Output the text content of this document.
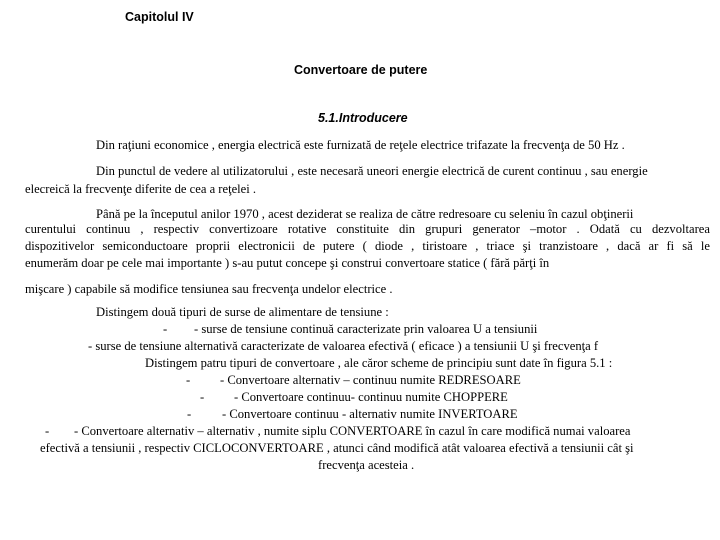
Capitolul IV
Convertoare de putere
5.1.Introducere
Din raţiuni economice , energia electrică este furnizată de reţele electrice trifazate la frecvenţa de 50 Hz .
Din punctul de vedere al utilizatorului , este necesară uneori energie electrică de curent continuu , sau energie
elecreică la frecvenţe diferite de cea a reţelei .
Până pe la începutul anilor 1970 , acest deziderat se realiza de către redresoare cu seleniu în cazul obţinerii
curentului continuu , respectiv convertizoare rotative constituite din grupuri generator –motor . Odată cu dezvoltarea
dispozitivelor semiconductoare proprii electronicii de putere ( diode , tiristoare , triace şi tranzistoare , dacă ar fi să le
enumerăm doar pe cele mai importante ) s-au putut concepe şi construi convertoare statice ( fără părţi în
mişcare ) capabile să modifice tensiunea sau frecvenţa undelor electrice .
Distingem două tipuri de surse de alimentare de tensiune :
- - surse de tensiune continuă caracterizate prin valoarea U a tensiunii
- surse de tensiune alternativă caracterizate de valoarea efectivă ( eficace ) a tensiunii U şi frecvenţa f
Distingem patru tipuri de convertoare , ale căror scheme de principiu sunt date în figura 5.1 :
- - Convertoare alternativ – continuu numite REDRESOARE
- - Convertoare continuu- continuu numite CHOPPERE
- - Convertoare continuu - alternativ numite INVERTOARE
- - Convertoare alternativ – alternativ , numite siplu CONVERTOARE în cazul în care modifică numai valoarea
efectivă a tensiunii , respectiv CICLOCONVERTOARE , atunci când modifică atât valoarea efectivă a tensiunii cât şi
frecvenţa acesteia .
